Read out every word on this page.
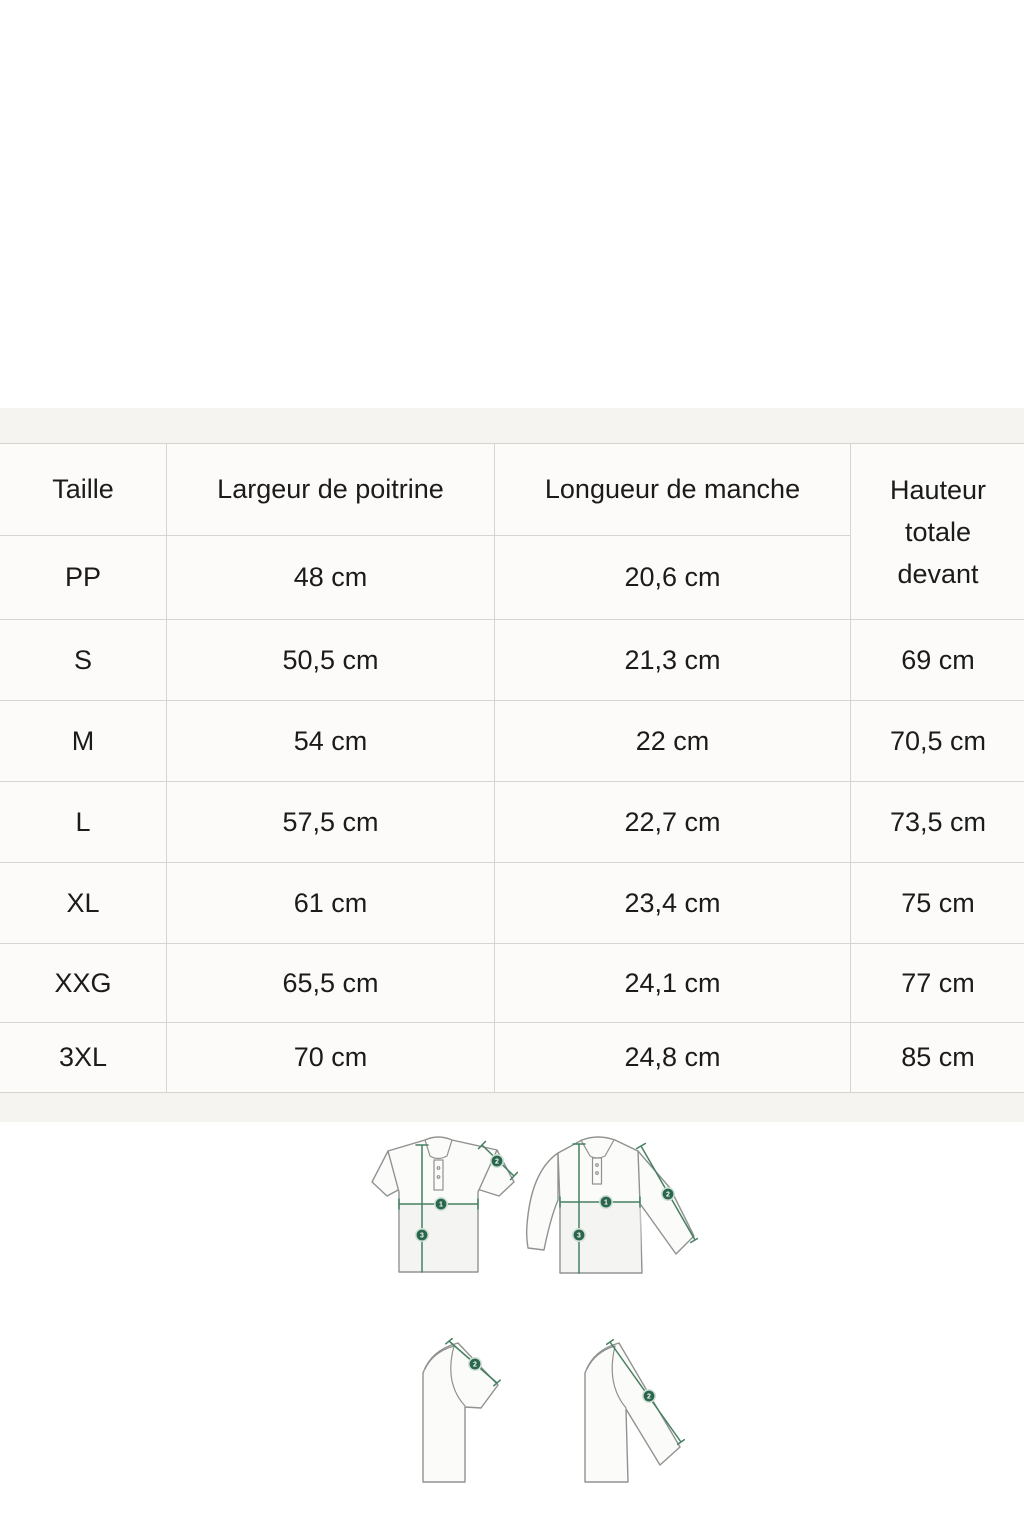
Taille	Largeur de poitrine	Longueur de manche	Hauteur totale devant

PP	48 cm	20,6 cm	
S	50,5 cm	21,3 cm	69 cm
M	54 cm	22 cm	70,5 cm
L	57,5 cm	22,7 cm	73,5 cm
XL	61 cm	23,4 cm	75 cm
XXG	65,5 cm	24,1 cm	77 cm
3XL	70 cm	24,8 cm	85 cm
1
3
2
1
3
2
2
2
